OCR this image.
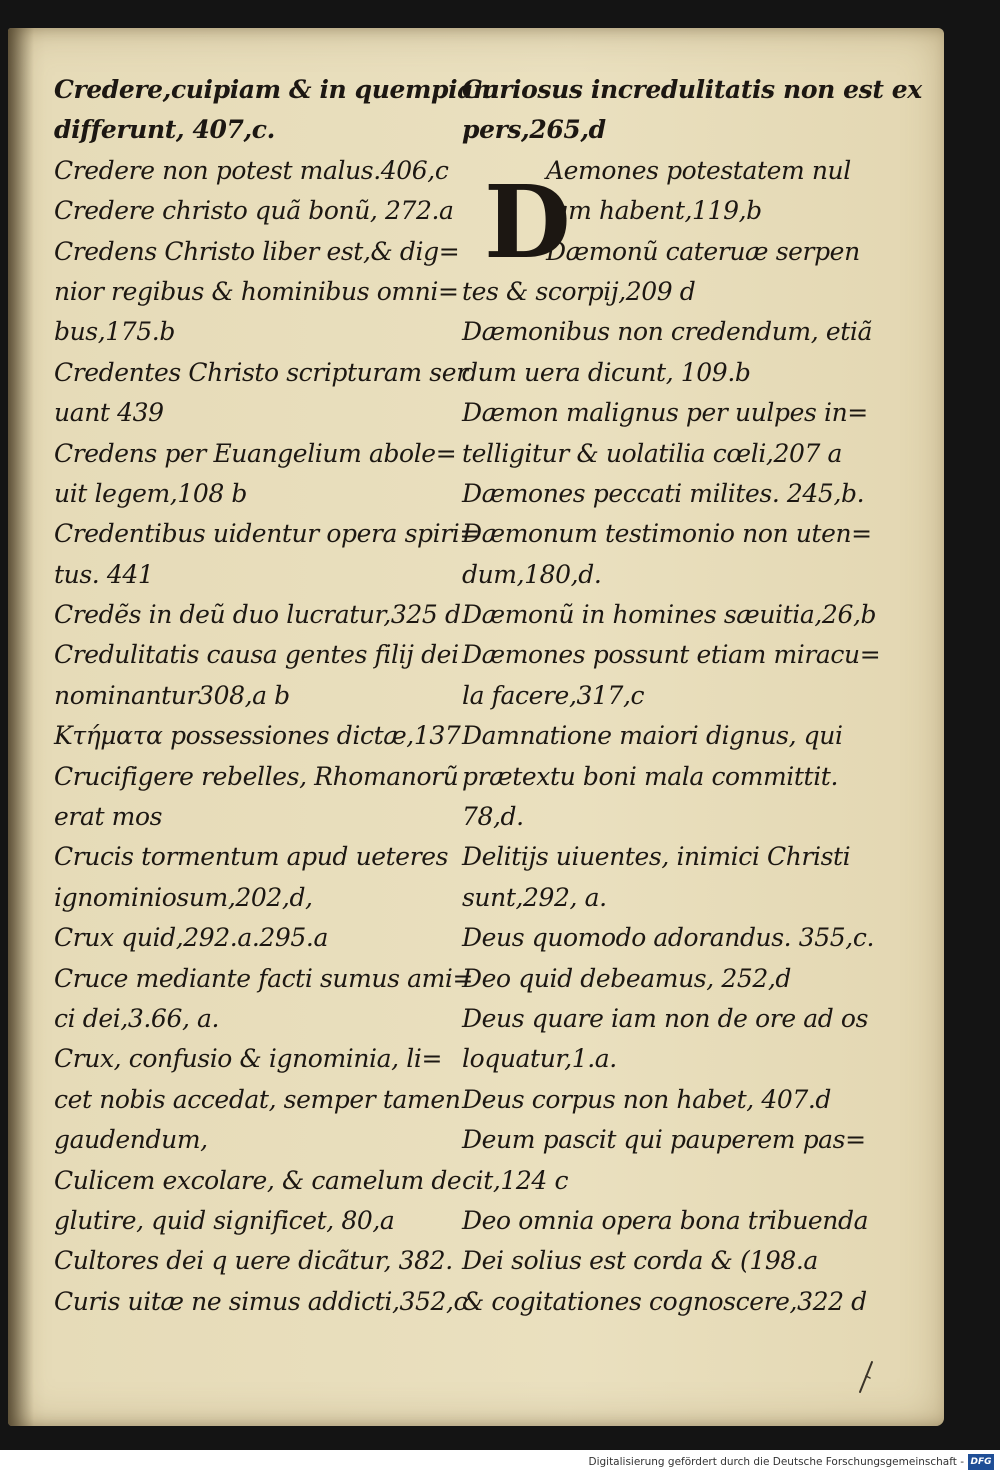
Credere,cuipiam & in quempiam
differunt, 407,c.
Credere non potest malus.406,c
Credere christo quã bonũ, 272.a
Credens Christo liber est,& dig=
nior regibus & hominibus omni=
bus,175.b
Credentes Christo scripturam ser
uant 439
Credens per Euangelium abole=
uit legem,108 b
Credentibus uidentur opera spiri=
tus. 441
Credẽs in deũ duo lucratur,325 d
Credulitatis causa gentes filij dei
nominantur308,a b
Κτήματα possessiones dictæ,137
Crucifigere rebelles, Rhomanorũ
erat mos
Crucis tormentum apud ueteres
ignominiosum,202,d,
Crux quid,292.a.295.a
Cruce mediante facti sumus ami=
ci dei,3.66, a.
Crux, confusio & ignominia, li=
cet nobis accedat, semper tamen
gaudendum,
Culicem excolare, & camelum de
glutire, quid significet, 80,a
Cultores dei q uere dicãtur, 382.
Curis uitæ ne simus addicti,352,c
Curiosus incredulitatis non est ex
pers,265,d
Aemones potestatem nul
lam habent,119,b
Dæmonũ cateruæ serpen
tes & scorpij,209 d
Dæmonibus non credendum, etiã
dum uera dicunt, 109.b
Dæmon malignus per uulpes in=
telligitur & uolatilia cœli,207 a
Dæmones peccati milites. 245,b.
Dæmonum testimonio non uten=
dum,180,d.
Dæmonũ in homines sæuitia,26,b
Dæmones possunt etiam miracu=
la facere,317,c
Damnatione maiori dignus, qui
prætextu boni mala committit.
78,d.
Delitijs uiuentes, inimici Christi
sunt,292, a.
Deus quomodo adorandus. 355,c.
Deo quid debeamus, 252,d
Deus quare iam non de ore ad os
loquatur,1.a.
Deus corpus non habet, 407.d
Deum pascit qui pauperem pas=
cit,124 c
Deo omnia opera bona tribuenda
Dei solius est corda & (198.a
& cogitationes cognoscere,322 d
D
Digitalisierung gefördert durch die Deutsche Forschungsgemeinschaft - DFG
